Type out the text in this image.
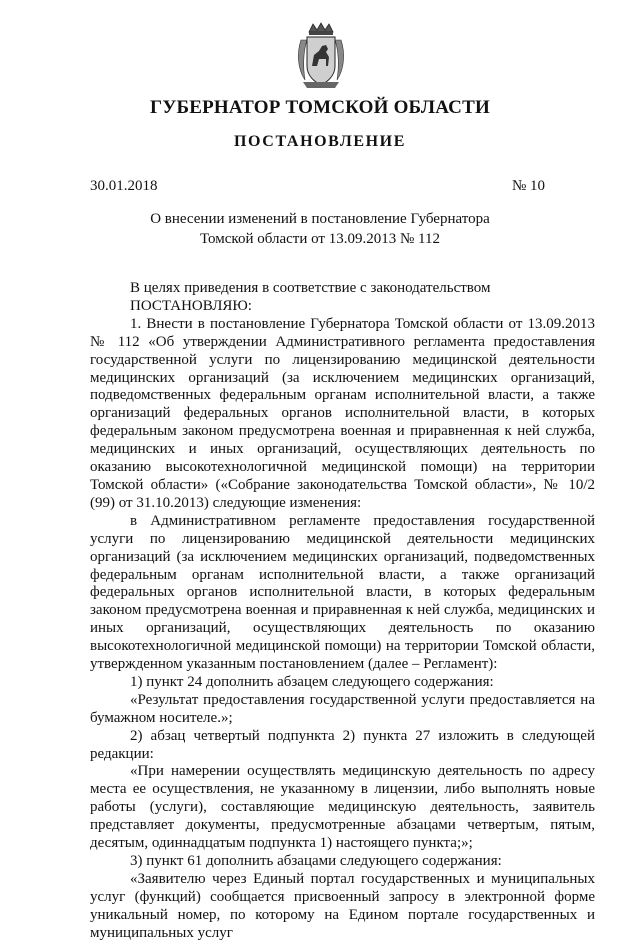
ГУБЕРНАТОР ТОМСКОЙ ОБЛАСТИ
ПОСТАНОВЛЕНИЕ
30.01.2018	№ 10
О внесении изменений в постановление Губернатора
Томской области от 13.09.2013 № 112

В целях приведения в соответствие с законодательством

ПОСТАНОВЛЯЮ:

1. Внести в постановление Губернатора Томской области от 13.09.2013 № 112 «Об утверждении Административного регламента предоставления государственной услуги по лицензированию медицинской деятельности медицинских организаций (за исключением медицинских организаций, подведомственных федеральным органам исполнительной власти, а также организаций федеральных органов исполнительной власти, в которых федеральным законом предусмотрена военная и приравненная к ней служба, медицинских и иных организаций, осуществляющих деятельность по оказанию высокотехнологичной медицинской помощи) на территории Томской области» («Собрание законодательства Томской области», № 10/2 (99) от 31.10.2013) следующие изменения:

в Административном регламенте предоставления государственной услуги по лицензированию медицинской деятельности медицинских организаций (за исключением медицинских организаций, подведомственных федеральным органам исполнительной власти, а также организаций федеральных органов исполнительной власти, в которых федеральным законом предусмотрена военная и приравненная к ней служба, медицинских и иных организаций, осуществляющих деятельность по оказанию высокотехнологичной медицинской помощи) на территории Томской области, утвержденном указанным постановлением (далее – Регламент):

1) пункт 24 дополнить абзацем следующего содержания:

«Результат предоставления государственной услуги предоставляется на бумажном носителе.»;

2) абзац четвертый подпункта 2) пункта 27 изложить в следующей редакции:

«При намерении осуществлять медицинскую деятельность по адресу места ее осуществления, не указанному в лицензии, либо выполнять новые работы (услуги), составляющие медицинскую деятельность, заявитель представляет документы, предусмотренные абзацами четвертым, пятым, десятым, одиннадцатым подпункта 1) настоящего пункта;»;

3) пункт 61 дополнить абзацами следующего содержания:

«Заявителю через Единый портал государственных и муниципальных услуг (функций) сообщается присвоенный запросу в электронной форме уникальный номер, по которому на Едином портале государственных и муниципальных услуг
